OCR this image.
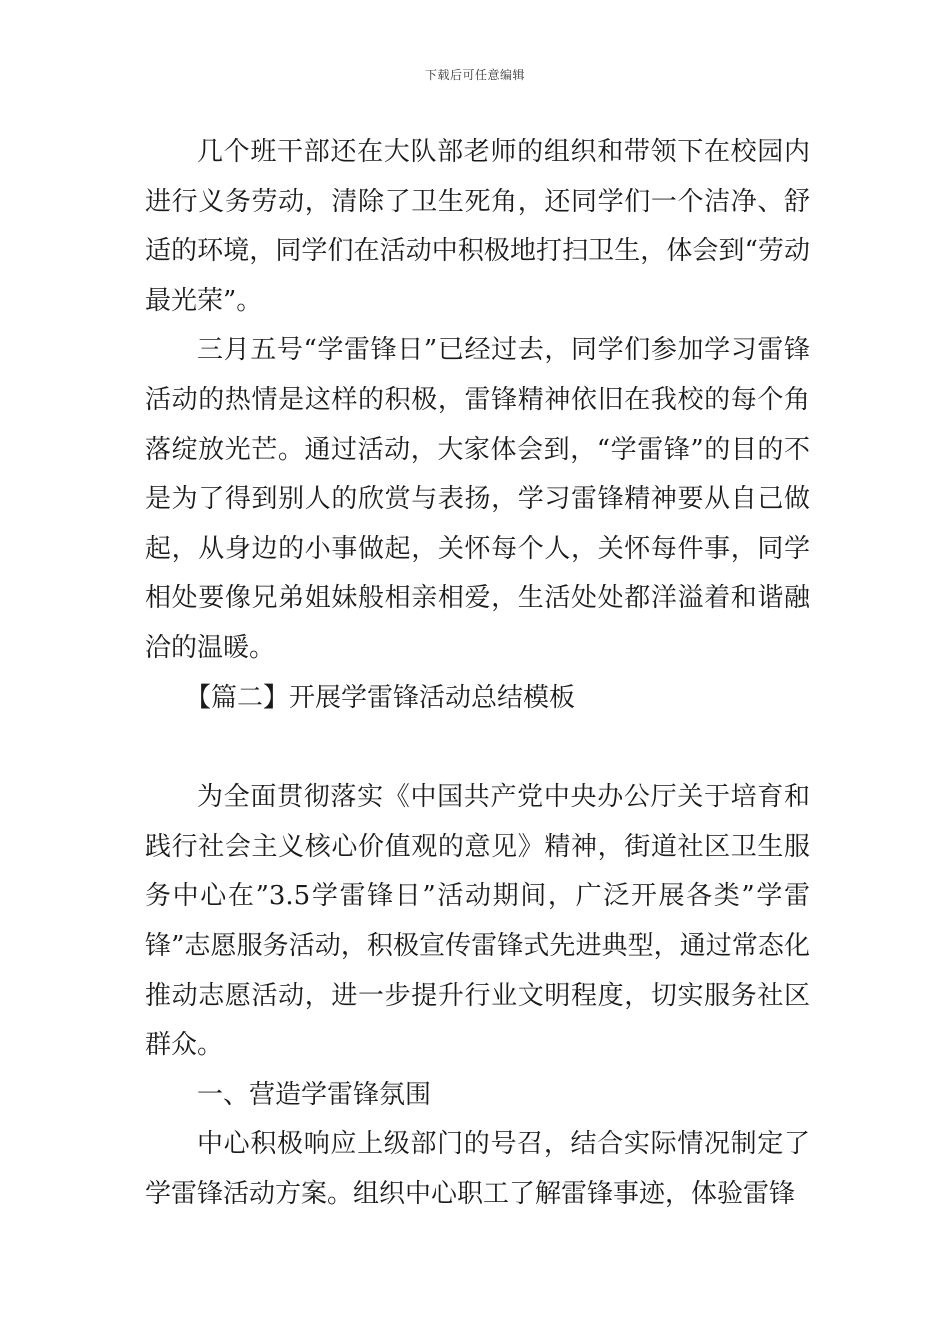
下载后可任意编辑

几个班干部还在大队部老师的组织和带领下在校园内进行义务劳动，清除了卫生死角，还同学们一个洁净、舒适的环境，同学们在活动中积极地打扫卫生，体会到“劳动最光荣”。

三月五号“学雷锋日”已经过去，同学们参加学习雷锋活动的热情是这样的积极，雷锋精神依旧在我校的每个角落绽放光芒。通过活动，大家体会到，“学雷锋”的目的不是为了得到别人的欣赏与表扬，学习雷锋精神要从自己做起，从身边的小事做起，关怀每个人，关怀每件事，同学相处要像兄弟姐妹般相亲相爱，生活处处都洋溢着和谐融洽的温暖。

【篇二】开展学雷锋活动总结模板

为全面贯彻落实《中国共产党中央办公厅关于培育和践行社会主义核心价值观的意见》精神，街道社区卫生服务中心在”3.5学雷锋日”活动期间，广泛开展各类”学雷锋”志愿服务活动，积极宣传雷锋式先进典型，通过常态化推动志愿活动，进一步提升行业文明程度，切实服务社区群众。

一、营造学雷锋氛围

中心积极响应上级部门的号召，结合实际情况制定了学雷锋活动方案。组织中心职工了解雷锋事迹，体验雷锋
